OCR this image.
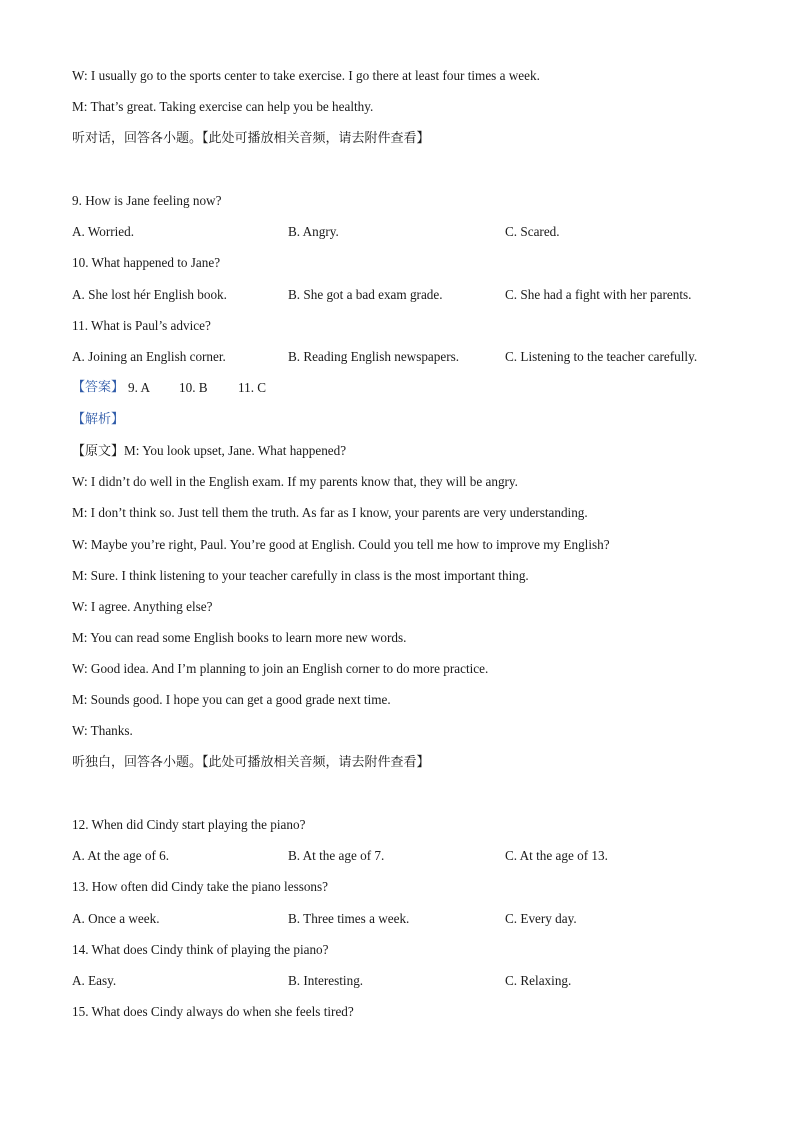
W: I usually go to the sports center to take exercise. I go there at least four times a week.
M: That’s great. Taking exercise can help you be healthy.
听对话，回答各小题。【此处可播放相关音频，请去附件查看】
9. How is Jane feeling now?
A. Worried.	B. Angry.	C. Scared.
10. What happened to Jane?
A. She lost hér English book.	B. She got a bad exam grade.	C. She had a fight with her parents.
11. What is Paul’s advice?
A. Joining an English corner.	B. Reading English newspapers.	C. Listening to the teacher carefully.
【答案】 9. A 10. B 11. C
【解析】
【原文】M: You look upset, Jane. What happened?
W: I didn’t do well in the English exam. If my parents know that, they will be angry.
M: I don’t think so. Just tell them the truth. As far as I know, your parents are very understanding.
W: Maybe you’re right, Paul. You’re good at English. Could you tell me how to improve my English?
M: Sure. I think listening to your teacher carefully in class is the most important thing.
W: I agree. Anything else?
M: You can read some English books to learn more new words.
W: Good idea. And I’m planning to join an English corner to do more practice.
M: Sounds good. I hope you can get a good grade next time.
W: Thanks.
听独白，回答各小题。【此处可播放相关音频，请去附件查看】
12. When did Cindy start playing the piano?
A. At the age of 6.	B. At the age of 7.	C. At the age of 13.
13. How often did Cindy take the piano lessons?
A. Once a week.	B. Three times a week.	C. Every day.
14. What does Cindy think of playing the piano?
A. Easy.	B. Interesting.	C. Relaxing.
15. What does Cindy always do when she feels tired?
